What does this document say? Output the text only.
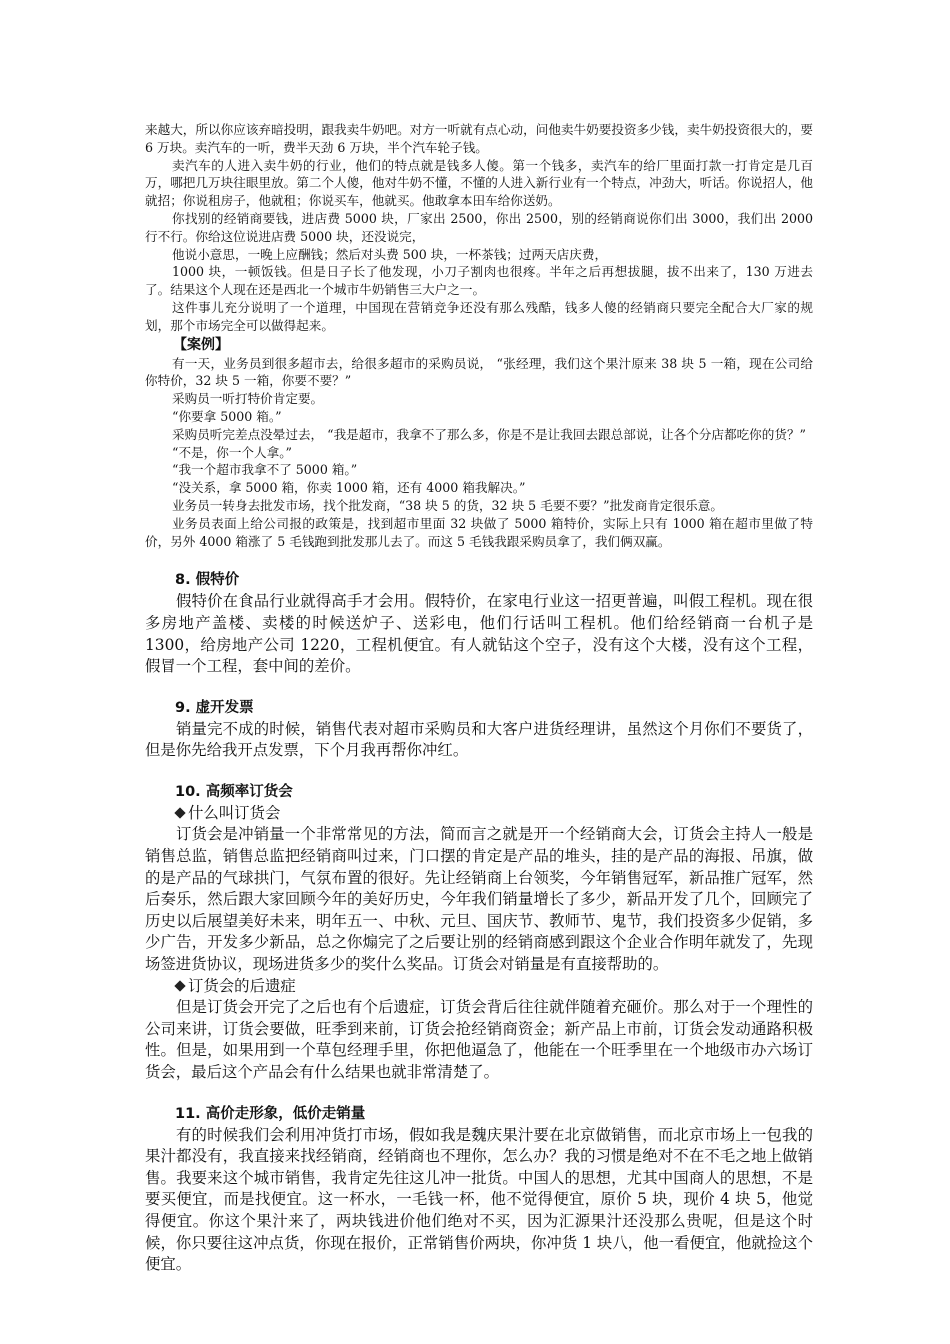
来越大，所以你应该弃暗投明，跟我卖牛奶吧。对方一听就有点心动，问他卖牛奶要投资多少钱，卖牛奶投资很大的，要 6 万块。卖汽车的一听，费半天劲 6 万块，半个汽车轮子钱。

卖汽车的人进入卖牛奶的行业，他们的特点就是钱多人傻。第一个钱多，卖汽车的给厂里面打款一打肯定是几百万，哪把几万块往眼里放。第二个人傻，他对牛奶不懂，不懂的人进入新行业有一个特点，冲劲大，听话。你说招人，他就招；你说租房子，他就租；你说买车，他就买。他敢拿本田车给你送奶。

你找别的经销商要钱，进店费 5000 块，厂家出 2500，你出 2500，别的经销商说你们出 3000，我们出 2000 行不行。你给这位说进店费 5000 块，还没说完，

他说小意思，一晚上应酬钱；然后对头费 500 块，一杯茶钱；过两天店庆费，

1000 块，一顿饭钱。但是日子长了他发现，小刀子割肉也很疼。半年之后再想拔腿，拔不出来了，130 万进去了。结果这个人现在还是西北一个城市牛奶销售三大户之一。

这件事儿充分说明了一个道理，中国现在营销竞争还没有那么残酷，钱多人傻的经销商只要完全配合大厂家的规划，那个市场完全可以做得起来。

【案例】

有一天，业务员到很多超市去，给很多超市的采购员说， “张经理，我们这个果汁原来 38 块 5 一箱，现在公司给你特价，32 块 5 一箱，你要不要？”

采购员一听打特价肯定要。

“你要拿 5000 箱。”

采购员听完差点没晕过去， “我是超市，我拿不了那么多，你是不是让我回去跟总部说，让各个分店都吃你的货？”

“不是，你一个人拿。”

“我一个超市我拿不了 5000 箱。”

“没关系，拿 5000 箱，你卖 1000 箱，还有 4000 箱我解决。”

业务员一转身去批发市场，找个批发商，“38 块 5 的货，32 块 5 毛要不要？”批发商肯定很乐意。

业务员表面上给公司报的政策是，找到超市里面 32 块做了 5000 箱特价，实际上只有 1000 箱在超市里做了特价，另外 4000 箱涨了 5 毛钱跑到批发那儿去了。而这 5 毛钱我跟采购员拿了，我们俩双赢。

8. 假特价

假特价在食品行业就得高手才会用。假特价，在家电行业这一招更普遍，叫假工程机。现在很多房地产盖楼、卖楼的时候送炉子、送彩电，他们行话叫工程机。他们给经销商一台机子是 1300，给房地产公司 1220，工程机便宜。有人就钻这个空子，没有这个大楼，没有这个工程，假冒一个工程，套中间的差价。

9. 虚开发票

销量完不成的时候，销售代表对超市采购员和大客户进货经理讲，虽然这个月你们不要货了，但是你先给我开点发票，下个月我再帮你冲红。

10. 高频率订货会

什么叫订货会

订货会是冲销量一个非常常见的方法，简而言之就是开一个经销商大会，订货会主持人一般是销售总监，销售总监把经销商叫过来，门口摆的肯定是产品的堆头，挂的是产品的海报、吊旗，做的是产品的气球拱门，气氛布置的很好。先让经销商上台领奖，今年销售冠军，新品推广冠军，然后奏乐，然后跟大家回顾今年的美好历史，今年我们销量增长了多少，新品开发了几个，回顾完了历史以后展望美好未来，明年五一、中秋、元旦、国庆节、教师节、鬼节，我们投资多少促销，多少广告，开发多少新品，总之你煽完了之后要让别的经销商感到跟这个企业合作明年就发了，先现场签进货协议，现场进货多少的奖什么奖品。订货会对销量是有直接帮助的。

订货会的后遗症

但是订货会开完了之后也有个后遗症，订货会背后往往就伴随着充砸价。那么对于一个理性的公司来讲，订货会要做，旺季到来前，订货会抢经销商资金；新产品上市前，订货会发动通路积极性。但是，如果用到一个草包经理手里，你把他逼急了，他能在一个旺季里在一个地级市办六场订货会，最后这个产品会有什么结果也就非常清楚了。

11. 高价走形象，低价走销量

有的时候我们会利用冲货打市场，假如我是魏庆果汁要在北京做销售，而北京市场上一包我的果汁都没有，我直接来找经销商，经销商也不理你，怎么办？我的习惯是绝对不在不毛之地上做销售。我要来这个城市销售，我肯定先往这儿冲一批货。中国人的思想，尤其中国商人的思想，不是要买便宜，而是找便宜。这一杯水，一毛钱一杯，他不觉得便宜，原价 5 块，现价 4 块 5，他觉得便宜。你这个果汁来了，两块钱进价他们绝对不买，因为汇源果汁还没那么贵呢，但是这个时候，你只要往这冲点货，你现在报价，正常销售价两块，你冲货 1 块八，他一看便宜，他就捡这个便宜。
